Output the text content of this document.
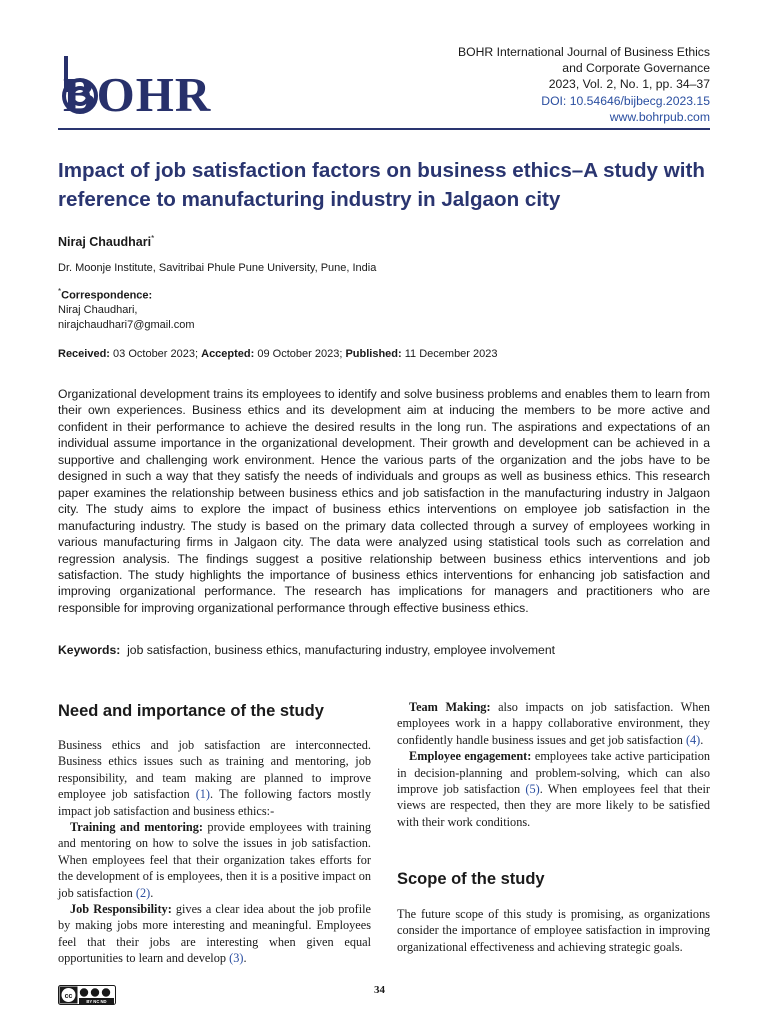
BOHR
BOHR International Journal of Business Ethics
and Corporate Governance
2023, Vol. 2, No. 1, pp. 34–37
DOI: 10.54646/bijbecg.2023.15
www.bohrpub.com
Impact of job satisfaction factors on business ethics–A study with reference to manufacturing industry in Jalgaon city
Niraj Chaudhari*
Dr. Moonje Institute, Savitribai Phule Pune University, Pune, India
*Correspondence:
Niraj Chaudhari,
nirajchaudhari7@gmail.com
Received: 03 October 2023; Accepted: 09 October 2023; Published: 11 December 2023
Organizational development trains its employees to identify and solve business problems and enables them to learn from their own experiences. Business ethics and its development aim at inducing the members to be more active and confident in their performance to achieve the desired results in the long run. The aspirations and expectations of an individual assume importance in the organizational development. Their growth and development can be achieved in a supportive and challenging work environment. Hence the various parts of the organization and the jobs have to be designed in such a way that they satisfy the needs of individuals and groups as well as business ethics. This research paper examines the relationship between business ethics and job satisfaction in the manufacturing industry in Jalgaon city. The study aims to explore the impact of business ethics interventions on employee job satisfaction in the manufacturing industry. The study is based on the primary data collected through a survey of employees working in various manufacturing firms in Jalgaon city. The data were analyzed using statistical tools such as correlation and regression analysis. The findings suggest a positive relationship between business ethics interventions and job satisfaction. The study highlights the importance of business ethics interventions for enhancing job satisfaction and improving organizational performance. The research has implications for managers and practitioners who are responsible for improving organizational performance through effective business ethics.
Keywords: job satisfaction, business ethics, manufacturing industry, employee involvement
Need and importance of the study

Business ethics and job satisfaction are interconnected. Business ethics issues such as training and mentoring, job responsibility, and team making are planned to improve employee job satisfaction (1). The following factors mostly impact job satisfaction and business ethics:-

Training and mentoring: provide employees with training and mentoring on how to solve the issues in job satisfaction. When employees feel that their organization takes efforts for the development of is employees, then it is a positive impact on job satisfaction (2).

Job Responsibility: gives a clear idea about the job profile by making jobs more interesting and meaningful. Employees feel that their jobs are interesting when given equal opportunities to learn and develop (3).

Team Making: also impacts on job satisfaction. When employees work in a happy collaborative environment, they confidently handle business issues and get job satisfaction (4).

Employee engagement: employees take active participation in decision-planning and problem-solving, which can also improve job satisfaction (5). When employees feel that their views are respected, then they are more likely to be satisfied with their work conditions.

Scope of the study
The future scope of this study is promising, as organizations consider the importance of employee satisfaction in improving organizational effectiveness and achieving strategic goals.
cc
BY NC ND
34
